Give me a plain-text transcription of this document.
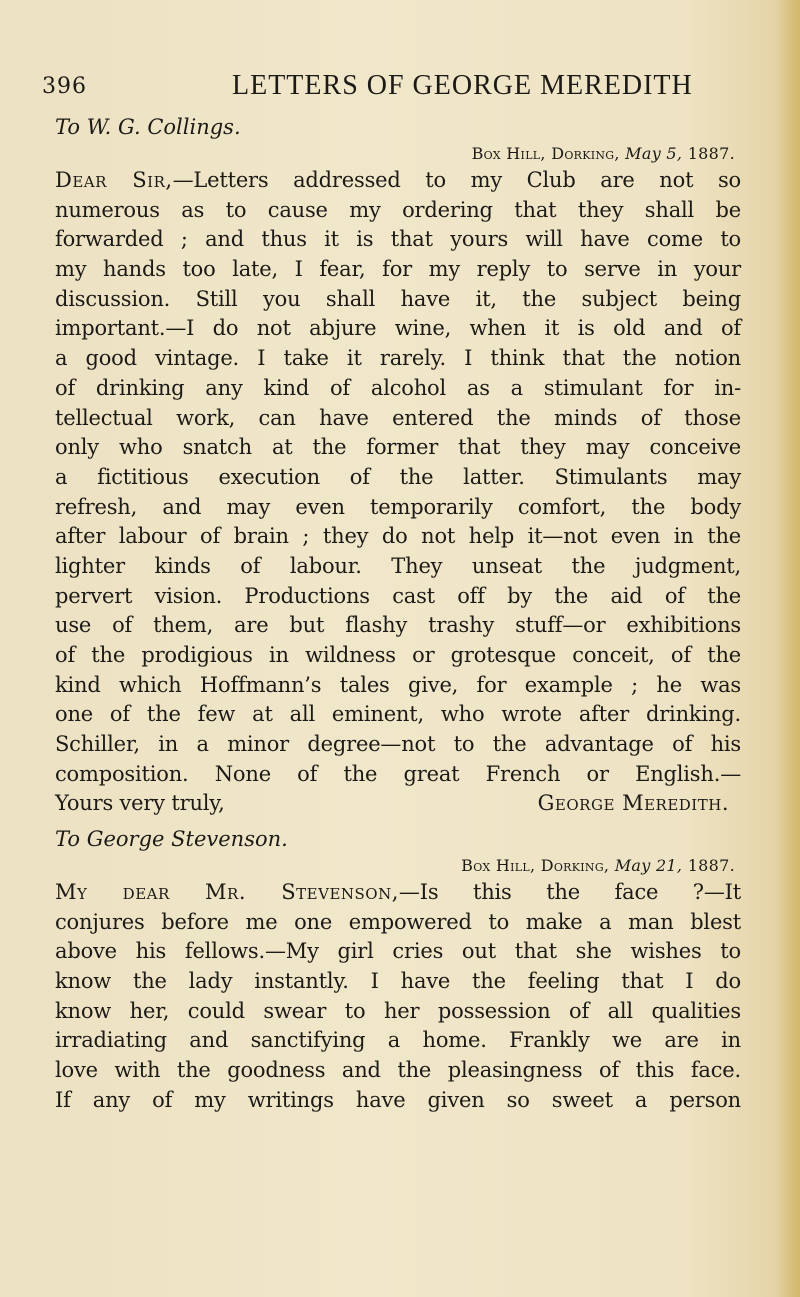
396	LETTERS OF GEORGE MEREDITH
To W. G. Collings.
Box Hill, Dorking, May 5, 1887.
Dear Sir,—Letters addressed to my Club are not so
numerous as to cause my ordering that they shall be
forwarded ; and thus it is that yours will have come to
my hands too late, I fear, for my reply to serve in your
discussion. Still you shall have it, the subject being
important.—I do not abjure wine, when it is old and of
a good vintage. I take it rarely. I think that the notion
of drinking any kind of alcohol as a stimulant for in-
tellectual work, can have entered the minds of those
only who snatch at the former that they may conceive
a fictitious execution of the latter. Stimulants may
refresh, and may even temporarily comfort, the body
after labour of brain ; they do not help it—not even in the
lighter kinds of labour. They unseat the judgment,
pervert vision. Productions cast off by the aid of the
use of them, are but flashy trashy stuff—or exhibitions
of the prodigious in wildness or grotesque conceit, of the
kind which Hoffmann’s tales give, for example ; he was
one of the few at all eminent, who wrote after drinking.
Schiller, in a minor degree—not to the advantage of his
composition. None of the great French or English.—
Yours very truly,	George Meredith.
To George Stevenson.
Box Hill, Dorking, May 21, 1887.
My dear Mr. Stevenson,—Is this the face ?—It
conjures before me one empowered to make a man blest
above his fellows.—My girl cries out that she wishes to
know the lady instantly. I have the feeling that I do
know her, could swear to her possession of all qualities
irradiating and sanctifying a home. Frankly we are in
love with the goodness and the pleasingness of this face.
If any of my writings have given so sweet a person
